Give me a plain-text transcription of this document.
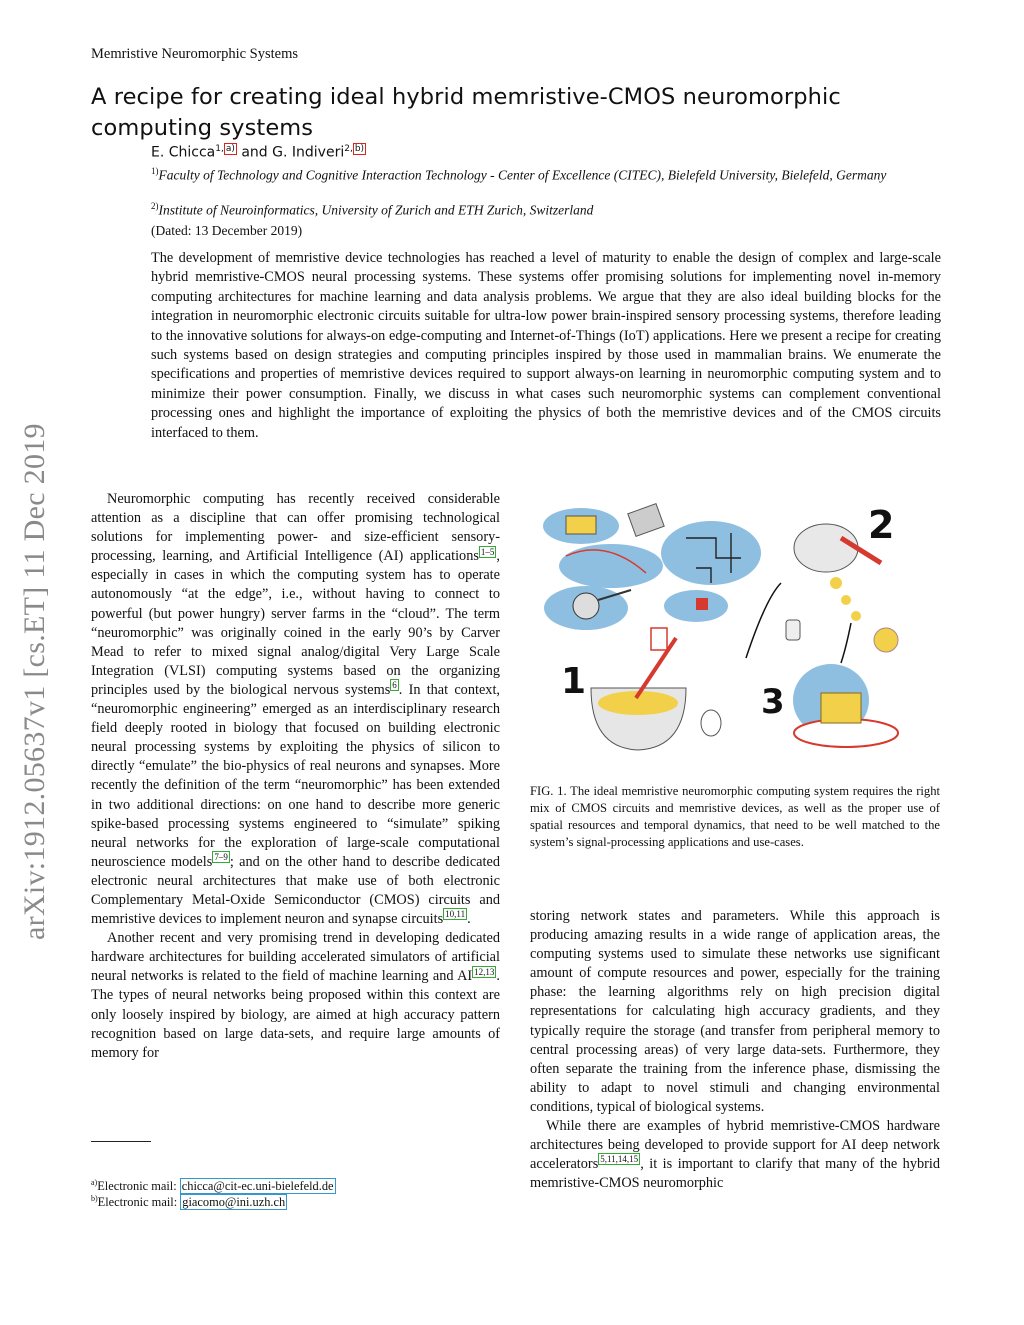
Memristive Neuromorphic Systems
A recipe for creating ideal hybrid memristive-CMOS neuromorphic computing systems
E. Chicca$^{1,}$ $^{a)}$ and G. Indiveri$^{2,}$ $^{b)}$
$^{1)}$Faculty of Technology and Cognitive Interaction Technology - Center of Excellence (CITEC), Bielefeld University, Bielefeld, Germany
$^{2)}$Institute of Neuroinformatics, University of Zurich and ETH Zurich, Switzerland
(Dated: 13 December 2019)

The development of memristive device technologies has reached a level of maturity to enable the design of complex and large-scale hybrid memristive-CMOS neural processing systems. These systems offer promising solutions for implementing novel in-memory computing architectures for machine learning and data analysis problems. We argue that they are also ideal building blocks for the integration in neuromorphic electronic circuits suitable for ultra-low power brain-inspired sensory processing systems, therefore leading to the innovative solutions for always-on edge-computing and Internet-of-Things (IoT) applications. Here we present a recipe for creating such systems based on design strategies and computing principles inspired by those used in mammalian brains. We enumerate the specifications and properties of memristive devices required to support always-on learning in neuromorphic computing system and to minimize their power consumption. Finally, we discuss in what cases such neuromorphic systems can complement conventional processing ones and highlight the importance of exploiting the physics of both the memristive devices and of the CMOS circuits interfaced to them.

arXiv:1912.05637v1 [cs.ET] 11 Dec 2019	Neuromorphic computing has recently received considerable attention as a discipline that can offer promising technological solutions for implementing power- and size-efficient sensory-processing, learning, and Artificial Intelligence (AI) applications $^{1-5}$ , especially in cases in which the computing system has to operate autonomously “at the edge”, i.e., without having to connect to powerful (but power hungry) server farms in the “cloud”. The term “neuromorphic” was originally coined in the early 90’s by Carver Mead to refer to mixed signal analog/digital Very Large Scale Integration (VLSI) computing systems based on the organizing principles used by the biological nervous systems $^6$ . In that context, “neuromorphic engineering” emerged as an interdisciplinary research field deeply rooted in biology that focused on building electronic neural processing systems by exploiting the physics of silicon to directly “emulate” the bio-physics of real neurons and synapses. More recently the definition of the term “neuromorphic” has been extended in two additional directions: on one hand to describe more generic spike-based processing systems engineered to “simulate” spiking neural networks for the exploration of large-scale computational neuroscience models $^{7-9}$ ; and on the other hand to describe dedicated electronic neural architectures that make use of both electronic Complementary Metal-Oxide Semiconductor (CMOS) circuits and memristive devices to implement neuron and synapse circuits $^{10,11}$ .

Another recent and very promising trend in developing dedicated hardware architectures for building accelerated simulators of artificial neural networks is related to the field of machine learning and AI $^{12,13}$ . The types of neural networks being proposed within this context are only loosely inspired by biology, are aimed at high accuracy pattern recognition based on large data-sets, and require large amounts of memory for

1
2
3
FIG. 1. The ideal memristive neuromorphic computing system requires the right mix of CMOS circuits and memristive devices, as well as the proper use of spatial resources and temporal dynamics, that need to be well matched to the system’s signal-processing applications and use-cases.

storing network states and parameters. While this approach is producing amazing results in a wide range of application areas, the computing systems used to simulate these networks use significant amount of compute resources and power, especially for the training phase: the learning algorithms rely on high precision digital representations for calculating high accuracy gradients, and they typically require the storage (and transfer from peripheral memory to central processing areas) of very large data-sets. Furthermore, they often separate the training from the inference phase, dismissing the ability to adapt to novel stimuli and changing environmental conditions, typical of biological systems.

While there are examples of hybrid memristive-CMOS hardware architectures being developed to provide support for AI deep network accelerators $^{5,11,14,15}$ , it is important to clarify that many of the hybrid memristive-CMOS neuromorphic

$^{a)}$Electronic mail: chicca@cit-ec.uni-bielefeld.de
$^{b)}$Electronic mail: giacomo@ini.uzh.ch
